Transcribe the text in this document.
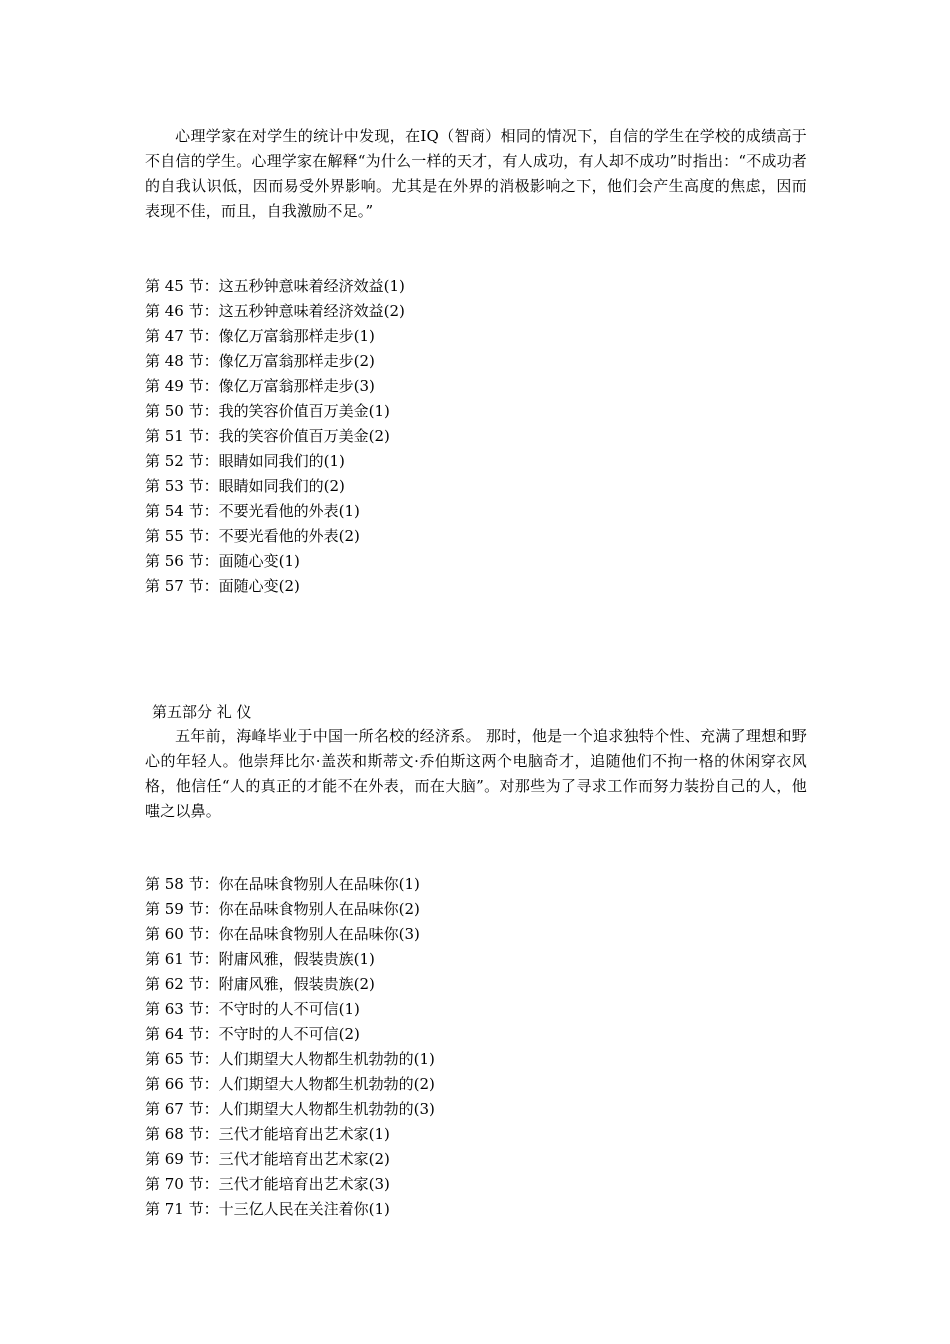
心理学家在对学生的统计中发现，在IQ（智商）相同的情况下，自信的学生在学校的成绩高于不自信的学生。心理学家在解释“为什么一样的天才，有人成功，有人却不成功”时指出：“不成功者的自我认识低，因而易受外界影响。尤其是在外界的消极影响之下，他们会产生高度的焦虑，因而表现不佳，而且，自我激励不足。”

第 45 节：这五秒钟意味着经济效益(1)
第 46 节：这五秒钟意味着经济效益(2)
第 47 节：像亿万富翁那样走步(1)
第 48 节：像亿万富翁那样走步(2)
第 49 节：像亿万富翁那样走步(3)
第 50 节：我的笑容价值百万美金(1)
第 51 节：我的笑容价值百万美金(2)
第 52 节：眼睛如同我们的(1)
第 53 节：眼睛如同我们的(2)
第 54 节：不要光看他的外表(1)
第 55 节：不要光看他的外表(2)
第 56 节：面随心变(1)
第 57 节：面随心变(2)
第五部分 礼 仪

五年前，海峰毕业于中国一所名校的经济系。 那时，他是一个追求独特个性、充满了理想和野心的年轻人。他崇拜比尔·盖茨和斯蒂文·乔伯斯这两个电脑奇才，追随他们不拘一格的休闲穿衣风格，他信任“人的真正的才能不在外表，而在大脑”。对那些为了寻求工作而努力装扮自己的人，他嗤之以鼻。

第 58 节：你在品味食物别人在品味你(1)
第 59 节：你在品味食物别人在品味你(2)
第 60 节：你在品味食物别人在品味你(3)
第 61 节：附庸风雅，假装贵族(1)
第 62 节：附庸风雅，假装贵族(2)
第 63 节：不守时的人不可信(1)
第 64 节：不守时的人不可信(2)
第 65 节：人们期望大人物都生机勃勃的(1)
第 66 节：人们期望大人物都生机勃勃的(2)
第 67 节：人们期望大人物都生机勃勃的(3)
第 68 节：三代才能培育出艺术家(1)
第 69 节：三代才能培育出艺术家(2)
第 70 节：三代才能培育出艺术家(3)
第 71 节：十三亿人民在关注着你(1)
